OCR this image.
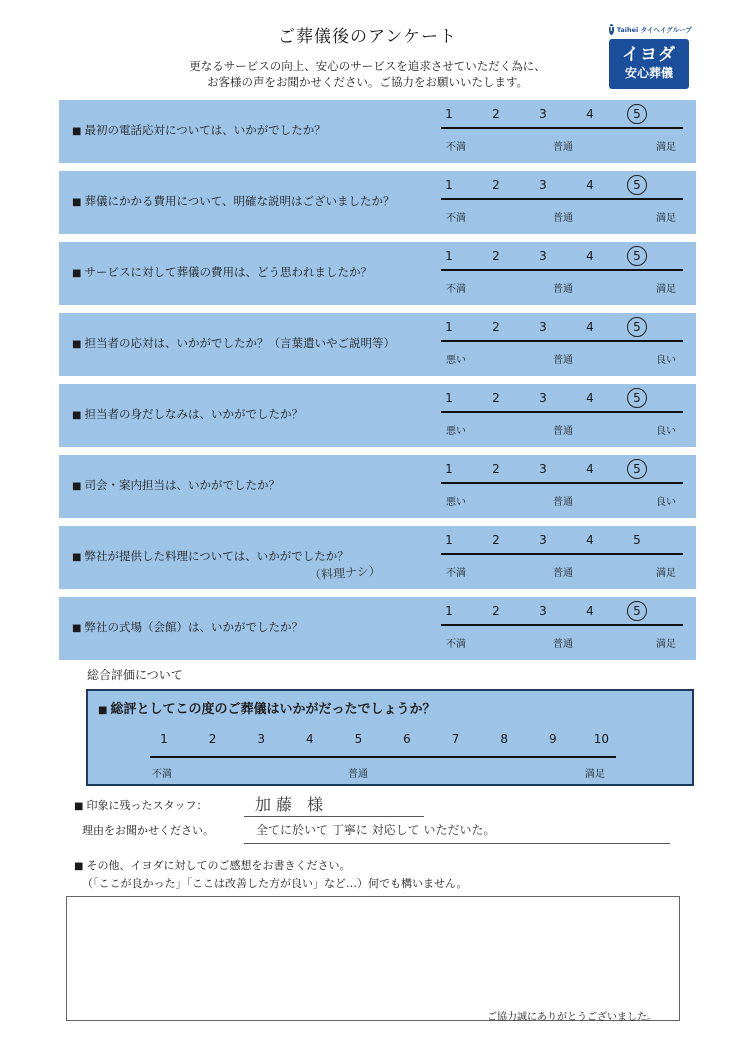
ご葬儀後のアンケート
更なるサービスの向上、安心のサービスを追求させていただく為に、
お客様の声をお聞かせください。ご協力をお願いいたします。
T Taihei タイヘイグループ
イヨダ
安心葬儀
■ 最初の電話応対については、いかがでしたか？
1	2	3	4	5
不満	普通	満足
■ 葬儀にかかる費用について、明確な説明はございましたか？
1	2	3	4	5
不満	普通	満足
■ サービスに対して葬儀の費用は、どう思われましたか？
1	2	3	4	5
不満	普通	満足
■ 担当者の応対は、いかがでしたか？（言葉遣いやご説明等）
1	2	3	4	5
悪い	普通	良い
■ 担当者の身だしなみは、いかがでしたか？
1	2	3	4	5
悪い	普通	良い
■ 司会・案内担当は、いかがでしたか？
1	2	3	4	5
悪い	普通	良い
■ 弊社が提供した料理については、いかがでしたか？
1	2	3	4	5
不満	普通	満足
（料理ナシ）
■ 弊社の式場（会館）は、いかがでしたか？
1	2	3	4	5
不満	普通	満足
総合評価について
■ 総評としてこの度のご葬儀はいかがだったでしょうか？
1	2	3	4	5	6	7	8	9	10
不満	普通	満足
■ 印象に残ったスタッフ：	加藤 様
理由をお聞かせください。	全てに於いて 丁寧に 対応して いただいた。
■ その他、イヨダに対してのご感想をお書きください。
（「ここが良かった」「ここは改善した方が良い」など…）何でも構いません。
ご協力誠にありがとうございました。
